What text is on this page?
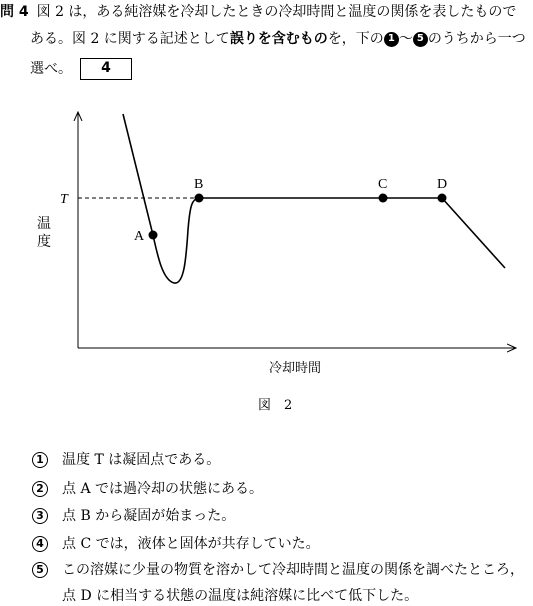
問 4 図 2 は，ある純溶媒を冷却したときの冷却時間と温度の関係を表したもので
ある。図 2 に関する記述として誤りを含むものを，下の 1 〜 5 のうちから一つ
選べ。 4
A
B	C	D
T
温
度
冷却時間
図　2
1 温度 T は凝固点である。
2 点 A では過冷却の状態にある。
3 点 B から凝固が始まった。
4 点 C では，液体と固体が共存していた。
5 この溶媒に少量の物質を溶かして冷却時間と温度の関係を調べたところ，
点 D に相当する状態の温度は純溶媒に比べて低下した。
